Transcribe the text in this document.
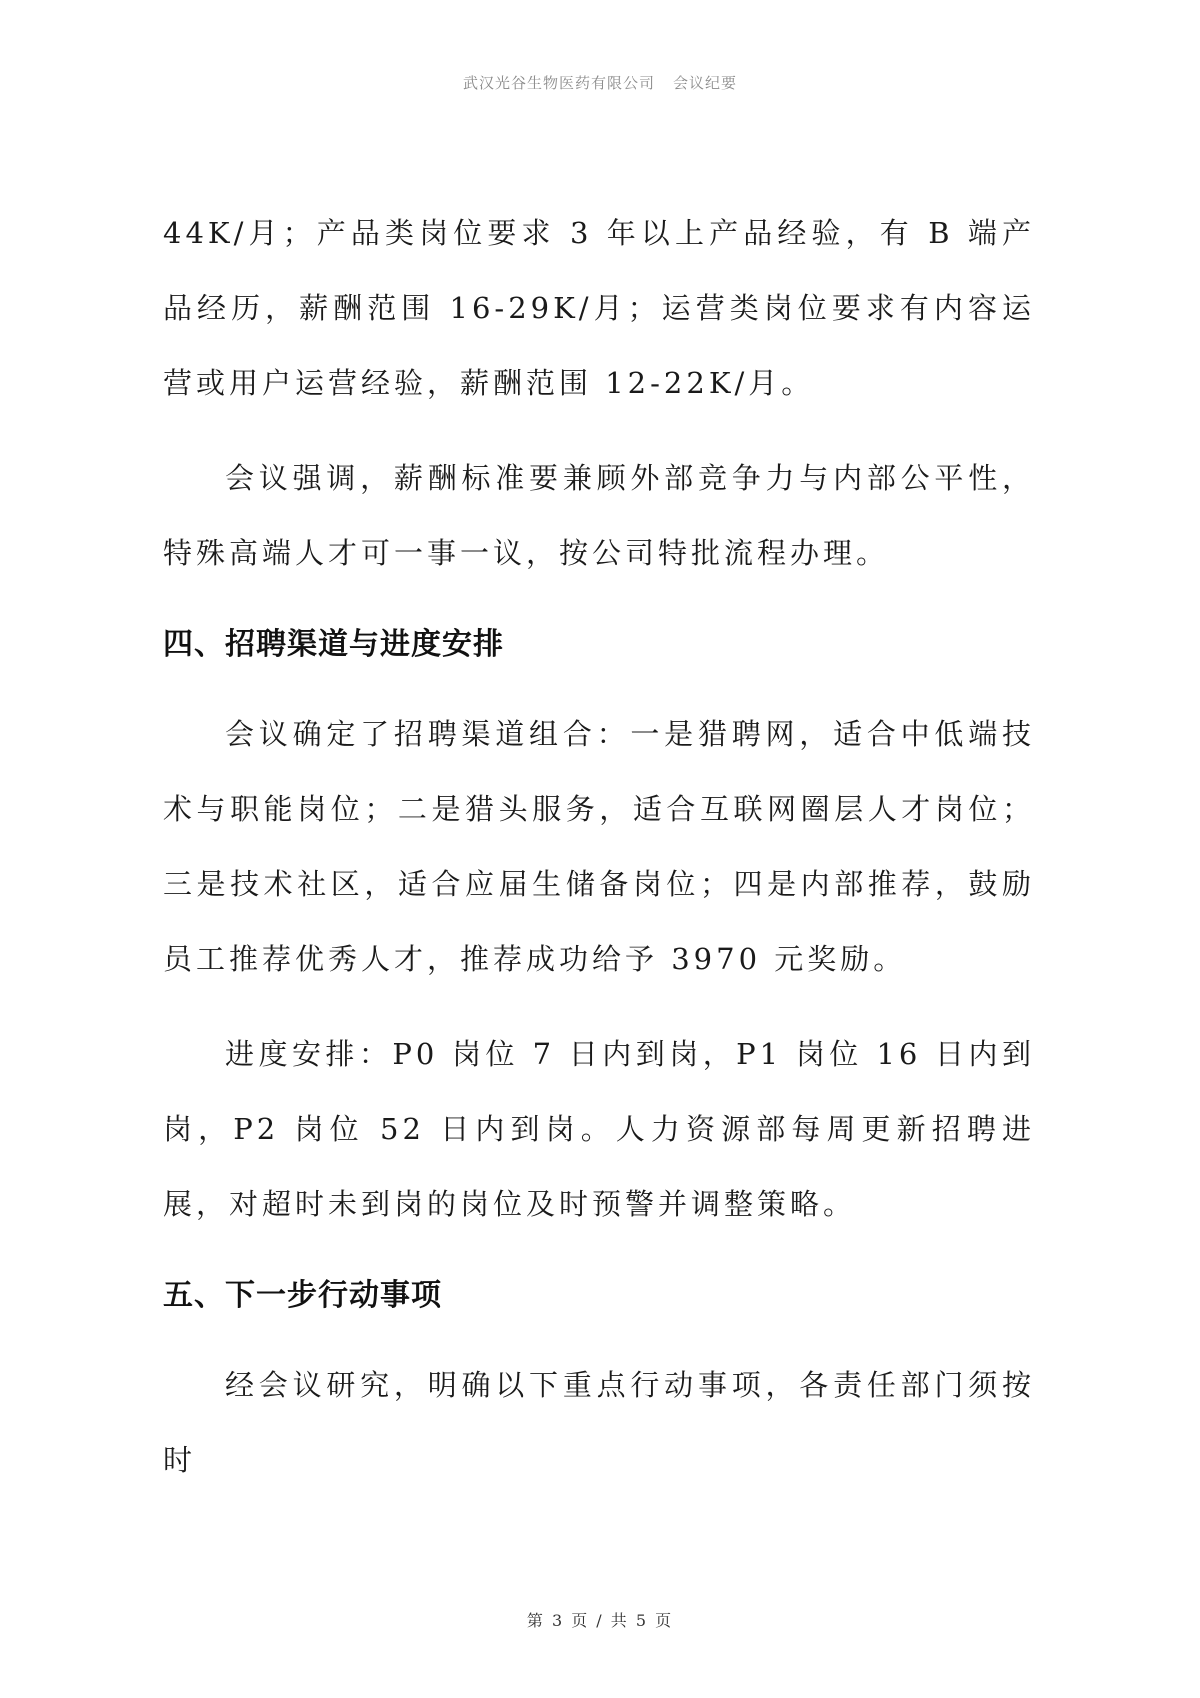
武汉光谷生物医药有限公司 会议纪要

44K/月；产品类岗位要求 3 年以上产品经验，有 B 端产品经历，薪酬范围 16-29K/月；运营类岗位要求有内容运营或用户运营经验，薪酬范围 12-22K/月。

会议强调，薪酬标准要兼顾外部竞争力与内部公平性，特殊高端人才可一事一议，按公司特批流程办理。

四、招聘渠道与进度安排

会议确定了招聘渠道组合：一是猎聘网，适合中低端技术与职能岗位；二是猎头服务，适合互联网圈层人才岗位；三是技术社区，适合应届生储备岗位；四是内部推荐，鼓励员工推荐优秀人才，推荐成功给予 3970 元奖励。

进度安排：P0 岗位 7 日内到岗，P1 岗位 16 日内到岗，P2 岗位 52 日内到岗。人力资源部每周更新招聘进展，对超时未到岗的岗位及时预警并调整策略。

五、下一步行动事项

经会议研究，明确以下重点行动事项，各责任部门须按时

第 3 页 / 共 5 页
